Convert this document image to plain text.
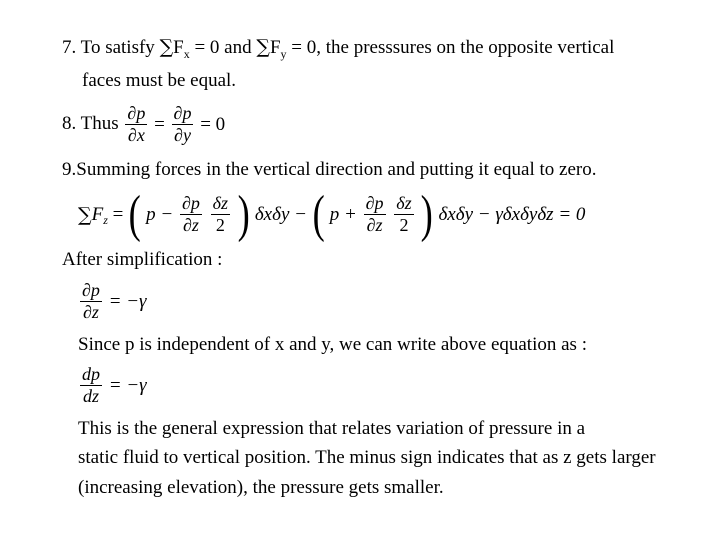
7. To satisfy $\sum F_x = 0$ and $\sum F_y = 0$, the presssures on the opposite vertical
faces must be equal.
8. Thus $\frac{\partial p}{\partial x} = \frac{\partial p}{\partial y} = 0$
9.Summing forces in the vertical direction and putting it equal to zero.
$\sum F_z$ = ( $p - \frac{\partial p}{\partial z}$
$\frac{\delta z}{2}$ ) δxδy − ( $p + \frac{\partial p}{\partial z}$
$\frac{\delta z}{2}$ ) δxδy − γδxδyδz = 0
After simplification :
$\frac{\partial p}{\partial z} = -\gamma$
Since p is independent of x and y, we can write above equation as :
$\frac{dp}{dz} = -\gamma$
This is the general expression that relates variation of pressure in a
static fluid to vertical position. The minus sign indicates that as z gets larger
(increasing elevation), the pressure gets smaller.
